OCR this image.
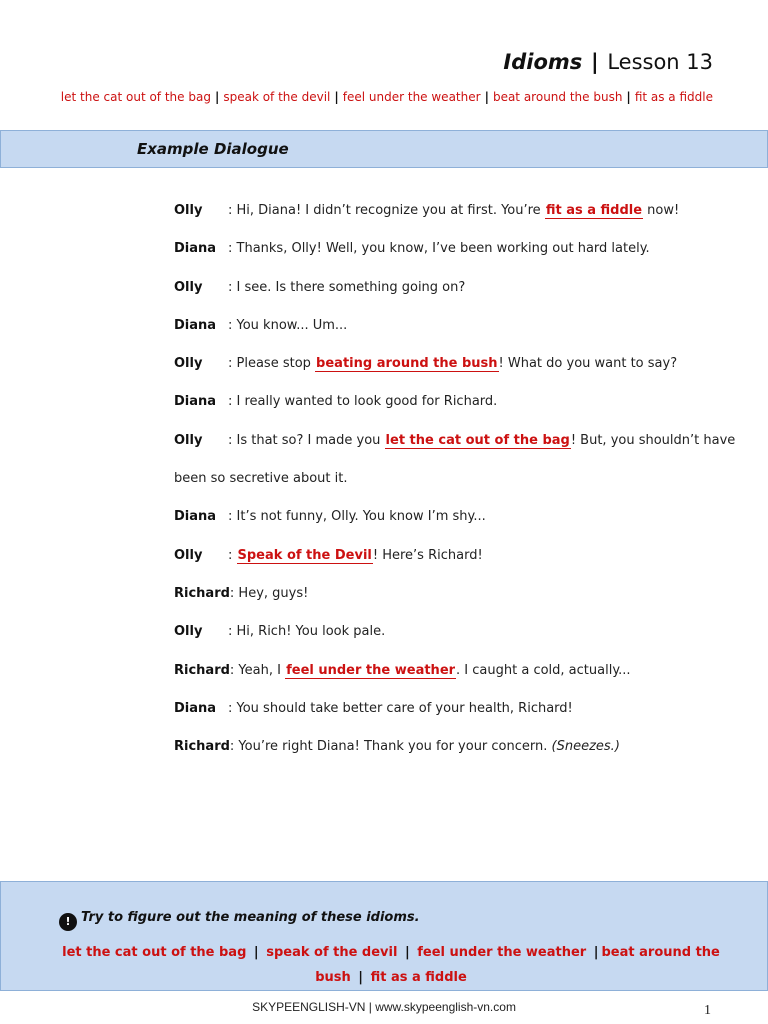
Idioms | Lesson 13
let the cat out of the bag | speak of the devil | feel under the weather | beat around the bush | fit as a fiddle
Example Dialogue
Olly : Hi, Diana! I didn’t recognize you at first. You’re fit as a fiddle now!
Diana : Thanks, Olly! Well, you know, I’ve been working out hard lately.
Olly : I see. Is there something going on?
Diana : You know... Um...
Olly : Please stop beating around the bush! What do you want to say?
Diana : I really wanted to look good for Richard.
Olly : Is that so? I made you let the cat out of the bag! But, you shouldn’t have
been so secretive about it.
Diana : It’s not funny, Olly. You know I’m shy...
Olly : Speak of the Devil! Here’s Richard!
Richard: Hey, guys!
Olly : Hi, Rich! You look pale.
Richard: Yeah, I feel under the weather. I caught a cold, actually...
Diana : You should take better care of your health, Richard!
Richard: You’re right Diana! Thank you for your concern. (Sneezes.)
! Try to figure out the meaning of these idioms.
let the cat out of the bag | speak of the devil | feel under the weather | beat around the bush | fit as a fiddle
SKYPEENGLISH-VN | www.skypeenglish-vn.com	1
